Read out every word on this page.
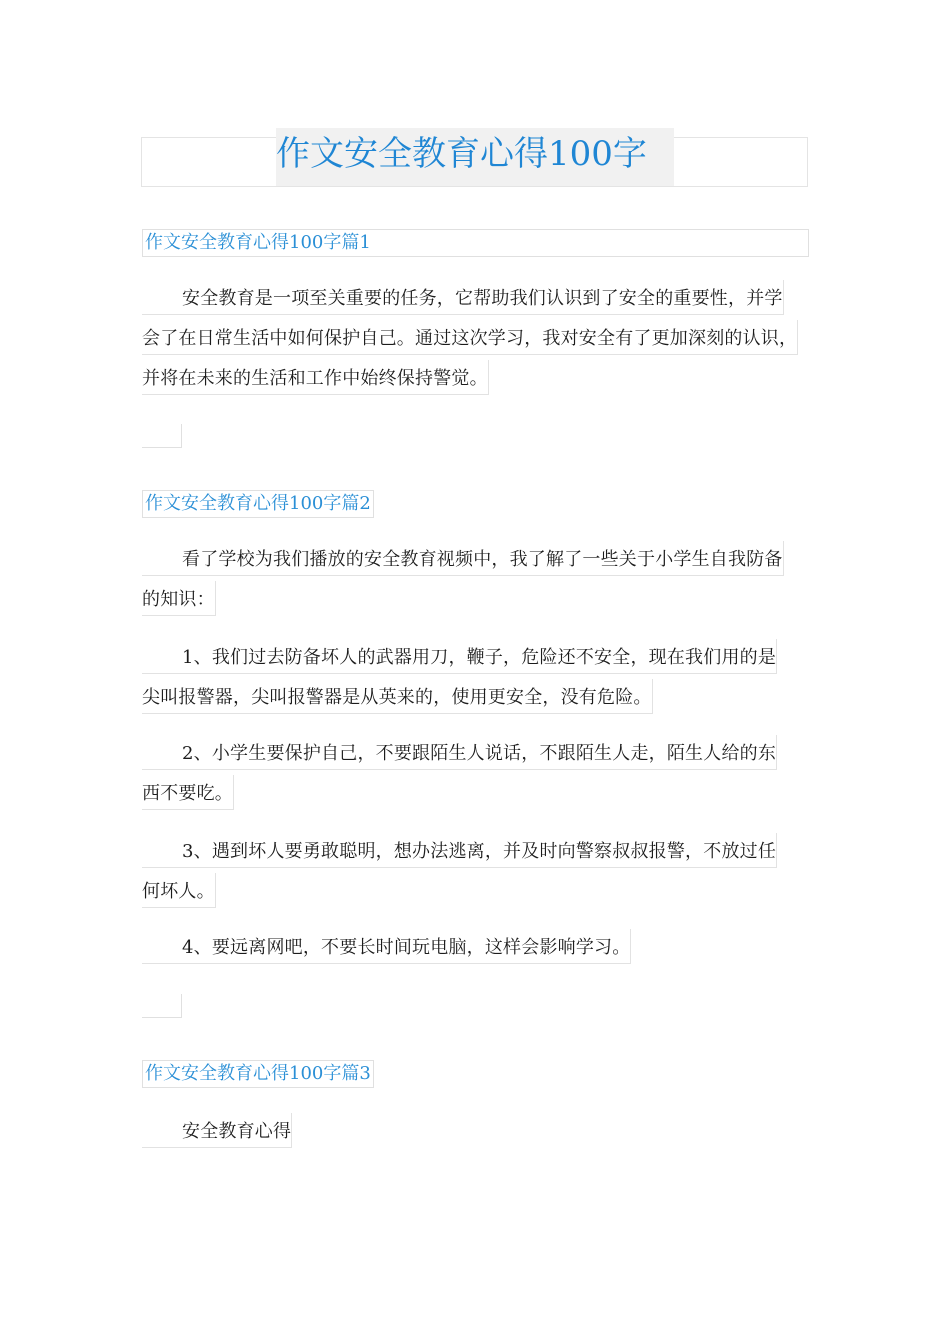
作文安全教育心得100字
作文安全教育心得100字篇1
安全教育是一项至关重要的任务，它帮助我们认识到了安全的重要性，并学
会了在日常生活中如何保护自己。通过这次学习，我对安全有了更加深刻的认识，
并将在未来的生活和工作中始终保持警觉。
作文安全教育心得100字篇2
看了学校为我们播放的安全教育视频中，我了解了一些关于小学生自我防备
的知识：
1、我们过去防备坏人的武器用刀，鞭子，危险还不安全，现在我们用的是
尖叫报警器，尖叫报警器是从英来的，使用更安全，没有危险。
2、小学生要保护自己，不要跟陌生人说话，不跟陌生人走，陌生人给的东
西不要吃。
3、遇到坏人要勇敢聪明，想办法逃离，并及时向警察叔叔报警，不放过任
何坏人。
4、要远离网吧，不要长时间玩电脑，这样会影响学习。
作文安全教育心得100字篇3
安全教育心得
